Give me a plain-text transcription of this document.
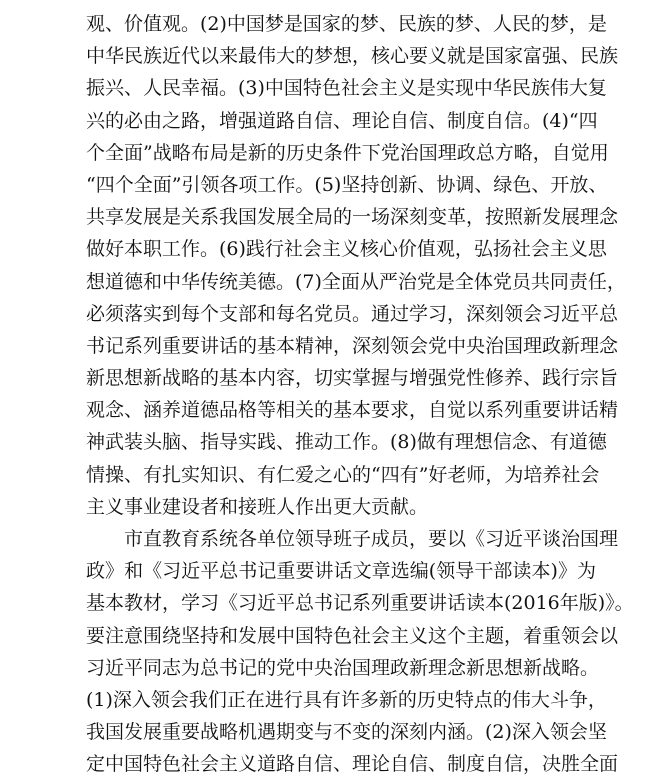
观、价值观。(2)中国梦是国家的梦、民族的梦、人民的梦，是
中华民族近代以来最伟大的梦想，核心要义就是国家富强、民族
振兴、人民幸福。(3)中国特色社会主义是实现中华民族伟大复
兴的必由之路，增强道路自信、理论自信、制度自信。(4)“四
个全面”战略布局是新的历史条件下党治国理政总方略，自觉用
“四个全面”引领各项工作。(5)坚持创新、协调、绿色、开放、
共享发展是关系我国发展全局的一场深刻变革，按照新发展理念
做好本职工作。(6)践行社会主义核心价值观，弘扬社会主义思
想道德和中华传统美德。(7)全面从严治党是全体党员共同责任，
必须落实到每个支部和每名党员。通过学习，深刻领会习近平总
书记系列重要讲话的基本精神，深刻领会党中央治国理政新理念
新思想新战略的基本内容，切实掌握与增强党性修养、践行宗旨
观念、涵养道德品格等相关的基本要求，自觉以系列重要讲话精
神武装头脑、指导实践、推动工作。(8)做有理想信念、有道德
情操、有扎实知识、有仁爱之心的“四有”好老师，为培养社会
主义事业建设者和接班人作出更大贡献。
市直教育系统各单位领导班子成员，要以《习近平谈治国理
政》和《习近平总书记重要讲话文章选编(领导干部读本)》为
基本教材，学习《习近平总书记系列重要讲话读本(2016年版)》。
要注意围绕坚持和发展中国特色社会主义这个主题，着重领会以
习近平同志为总书记的党中央治国理政新理念新思想新战略。
(1)深入领会我们正在进行具有许多新的历史特点的伟大斗争，
我国发展重要战略机遇期变与不变的深刻内涵。(2)深入领会坚
定中国特色社会主义道路自信、理论自信、制度自信，决胜全面
